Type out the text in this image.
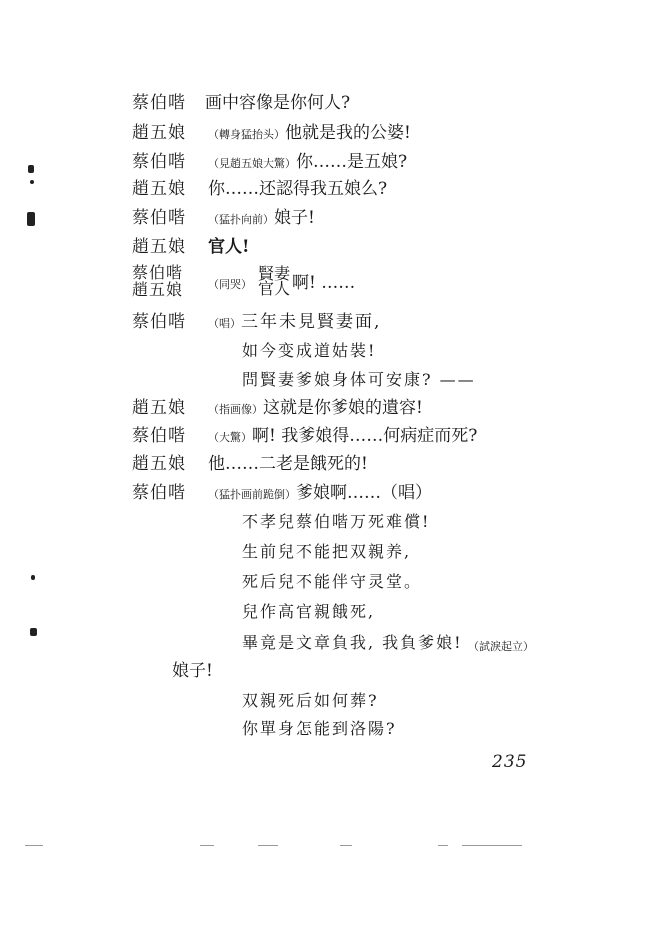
蔡伯喈 画中容像是你何人?
趙五娘 （轉身猛抬头）他就是我的公婆!
蔡伯喈 （見趙五娘大驚）你……是五娘?
趙五娘 你……还認得我五娘么?
蔡伯喈 （猛扑向前）娘子!
趙五娘 官人!
蔡伯喈
趙五娘 （同哭）
賢妻
官人 啊! ……
蔡伯喈 （唱）三年未見賢妻面,
如今变成道姑裝!
問賢妻爹娘身体可安康? ——
趙五娘 （指画像）这就是你爹娘的遺容!
蔡伯喈 （大驚）啊! 我爹娘得……何病症而死?
趙五娘 他……二老是餓死的!
蔡伯喈 （猛扑画前跪倒）爹娘啊……（唱）
不孝兒蔡伯喈万死难償!
生前兒不能把双親养,
死后兒不能伴守灵堂。
兒作高官親餓死,
畢竟是文章負我, 我負爹娘! （試淚起立）
娘子!
双親死后如何葬?
你單身怎能到洛陽?
235
